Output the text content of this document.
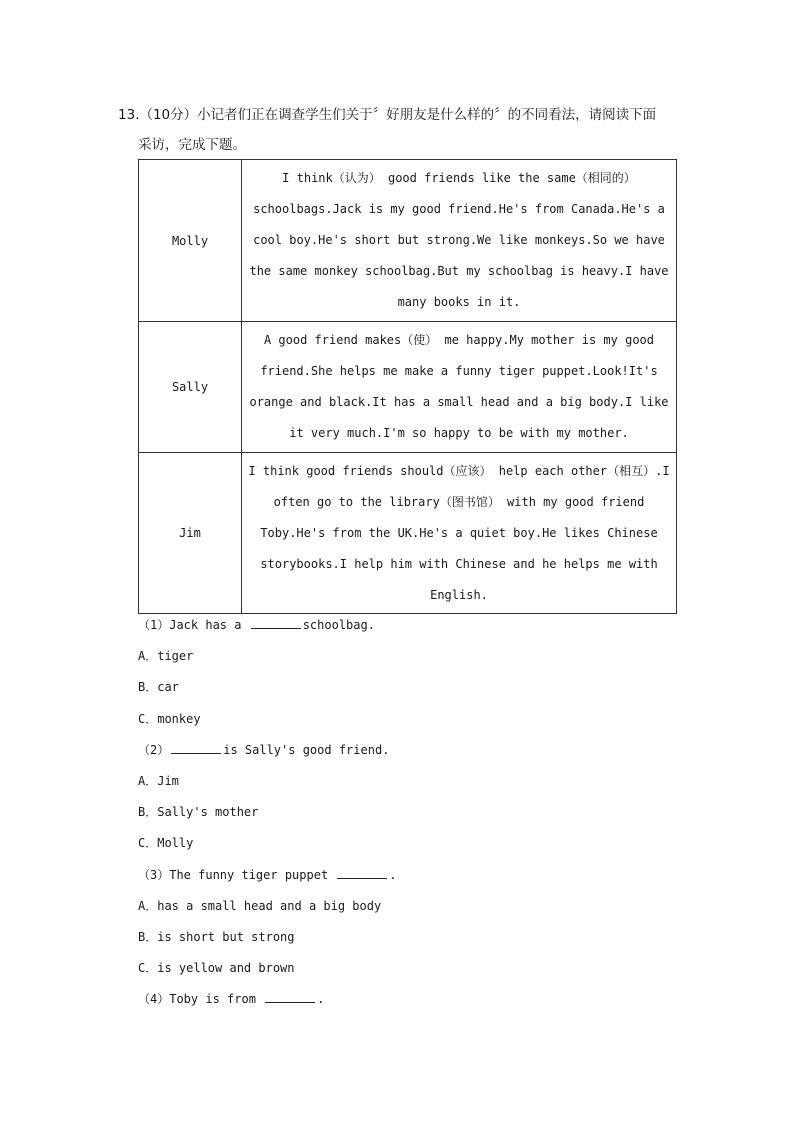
13.（10分）小记者们正在调查学生们关于〞好朋友是什么样的〞的不同看法，请阅读下面
采访，完成下题。
Molly	I think（认为） good friends like the same（相同的） schoolbags.Jack is my good friend.He's from Canada.He's a cool boy.He's short but strong.We like monkeys.So we have the same monkey schoolbag.But my schoolbag is heavy.I have many books in it.
Sally	A good friend makes（使） me happy.My mother is my good friend.She helps me make a funny tiger puppet.Look!It's orange and black.It has a small head and a big body.I like it very much.I'm so happy to be with my mother.
Jim	I think good friends should（应该） help each other（相互）.I often go to the library（图书馆） with my good friend Toby.He's from the UK.He's a quiet boy.He likes Chinese storybooks.I help him with Chinese and he helps me with English.
（1）Jack has a	schoolbag.
A．tiger
B．car
C．monkey
（2）	is Sally's good friend.
A．Jim
B．Sally's mother
C．Molly
（3）The funny tiger puppet	.
A．has a small head and a big body
B．is short but strong
C．is yellow and brown
（4）Toby is from	.
